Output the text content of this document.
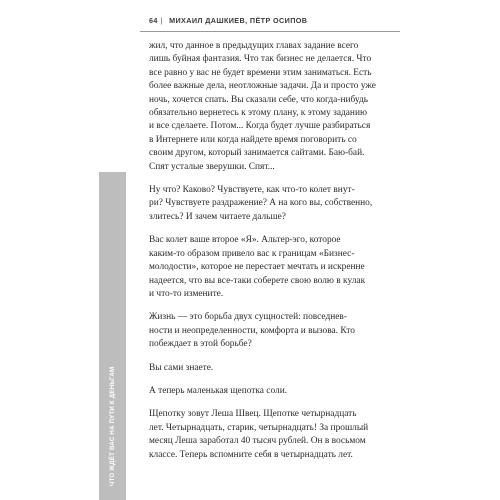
64 | МИХАИЛ ДАШКИЕВ, ПЁТР ОСИПОВ
ЧТО ЖДЁТ ВАС НА ПУТИ К ДЕНЬГАМ

жил, что данное в предыдущих главах задание всего
лишь буйная фантазия. Что так бизнес не делается. Что
все равно у вас не будет времени этим заниматься. Есть
более важные дела, неотложные задачи. Да и просто уже
ночь, хочется спать. Вы сказали себе, что когда-нибудь
обязательно вернетесь к этому плану, к этому заданию
и все сделаете. Потом... Когда будет лучше разбираться
в Интернете или когда найдете время поговорить со
своим другом, который занимается сайтами. Баю-бай.
Спят усталые зверушки. Спят...

Ну что? Каково? Чувствуете, как что-то колет внут-
ри? Чувствуете раздражение? А на кого вы, собственно,
злитесь? И зачем читаете дальше?

Вас колет ваше второе «Я». Альтер-эго, которое
каким-то образом привело вас к границам «Бизнес-
молодости», которое не перестает мечтать и искренне
надеется, что вы все-таки соберете свою волю в кулак
и что-то измените.

Жизнь — это борьба двух сущностей: повседнев-
ности и неопределенности, комфорта и вызова. Кто
побеждает в этой борьбе?

Вы сами знаете.

А теперь маленькая щепотка соли.

Щепотку зовут Леша Швец. Щепотке четырнадцать
лет. Четырнадцать, старик, четырнадцать! За прошлый
месяц Леша заработал 40 тысяч рублей. Он в восьмом
классе. Теперь вспомните себя в четырнадцать лет.
